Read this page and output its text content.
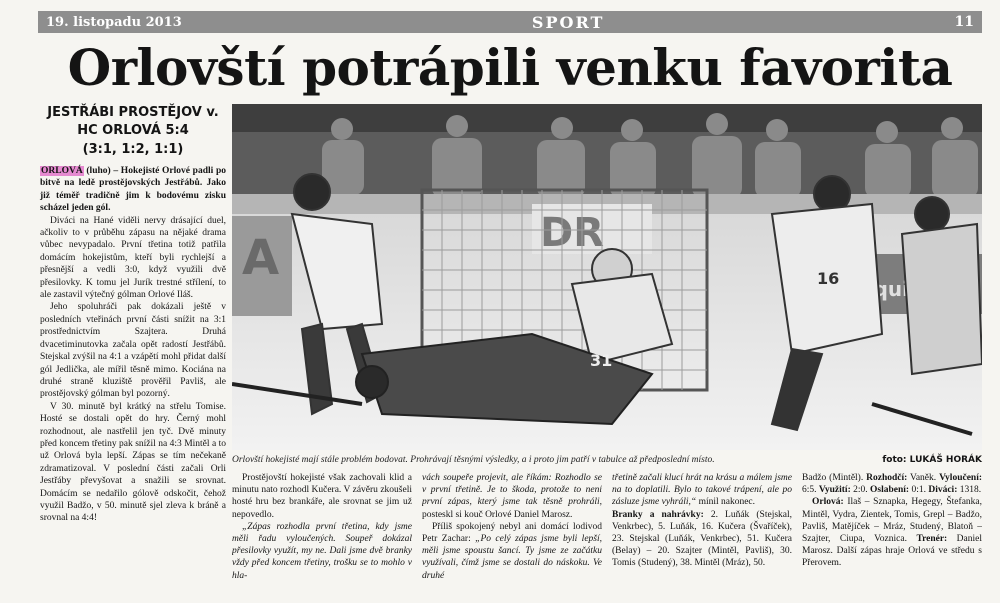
19. listopadu 2013	SPORT	11
Orlovští potrápili venku favorita
JESTŘÁBI PROSTĚJOV v.
HC ORLOVÁ 5:4
(3:1, 1:2, 1:1)
ORLOVÁ (luho) – Hokejisté Orlové padli po bitvě na ledě prostějovských Jestřábů. Jako již téměř tradičně jim k bodovému zisku scházel jeden gól.

Diváci na Hané viděli nervy drásající duel, ačkoliv to v průběhu zápasu na nějaké drama vůbec nevypadalo. První třetina totiž patřila domácím hokejistům, kteří byli rychlejší a přesnější a vedli 3:0, když využili dvě přesilovky. K tomu jel Jurík trestné střílení, to ale zastavil výtečný gólman Orlové Iláš.

Jeho spoluhráči pak dokázali ještě v posledních vteřinách první části snížit na 3:1 prostřednictvím Szajtera. Druhá dvacetiminutovka začala opět radostí Jestřábů. Stejskal zvýšil na 4:1 a vzápětí mohl přidat další gól Jedlička, ale mířil těsně mimo. Kociána na druhé straně kluziště prověřil Pavliš, ale prostějovský gólman byl pozorný.

V 30. minutě byl krátký na střelu Tomise. Hosté se dostali opět do hry. Černý mohl rozhodnout, ale nastřelil jen tyč. Dvě minuty před koncem třetiny pak snížil na 4:3 Mintěl a to už Orlová byla lepší. Zápas se tím nečekaně zdramatizoval. V poslední části začali Orli Jestřáby převyšovat a snažili se srovnat. Domácím se nedařilo gólově odskočit, čehož využil Badžo, v 50. minutě sjel zleva k bráně a srovnal na 4:4!

A	DR
31
16
Orlovští hokejisté mají stále problém bodovat. Prohrávají těsnými výsledky, a i proto jim patří v tabulce až předposlední místo.	foto: LUKÁŠ HORÁK

Prostějovští hokejisté však zachovali klid a minutu nato rozhodl Kučera. V závěru zkoušeli hosté hru bez brankáře, ale srovnat se jim už nepovedlo.

„Zápas rozhodla první třetina, kdy jsme měli řadu vyloučených. Soupeř dokázal přesilovky využít, my ne. Dali jsme dvě branky vždy před koncem třetiny, trošku se to mohlo v hla-

vách soupeře projevit, ale říkám: Rozhodlo se v první třetině. Je to škoda, protože to není první zápas, který jsme tak těsně prohráli, posteskl si kouč Orlové Daniel Marosz.

Příliš spokojený nebyl ani domácí lodivod Petr Zachar: „Po celý zápas jsme byli lepší, měli jsme spoustu šancí. Ty jsme ze začátku využívali, čímž jsme se dostali do náskoku. Ve druhé

třetině začali klucí hrát na krásu a málem jsme na to doplatili. Bylo to takové trápení, ale po zásluze jsme vyhráli,“ mínil nakonec.
Branky a nahrávky: 2. Luňák (Stejskal, Venkrbec), 5. Luňák, 16. Kučera (Švaříček), 23. Stejskal (Luňák, Venkrbec), 51. Kučera (Belay) – 20. Szajter (Mintěl, Pavliš), 30. Tomis (Studený), 38. Mintěl (Mráz), 50.
Badžo (Mintěl). Rozhodčí: Vaněk. Vyloučení: 6:5. Využití: 2:0. Oslabení: 0:1. Diváci: 1318.

Orlová: Ilaš – Sznapka, Hegegy, Štefanka, Mintěl, Vydra, Zientek, Tomis, Grepl – Badžo, Pavliš, Matějíček – Mráz, Studený, Blatoň – Szajter, Ciupa, Voznica. Trenér: Daniel Marosz. Další zápas hraje Orlová ve středu s Přerovem.
